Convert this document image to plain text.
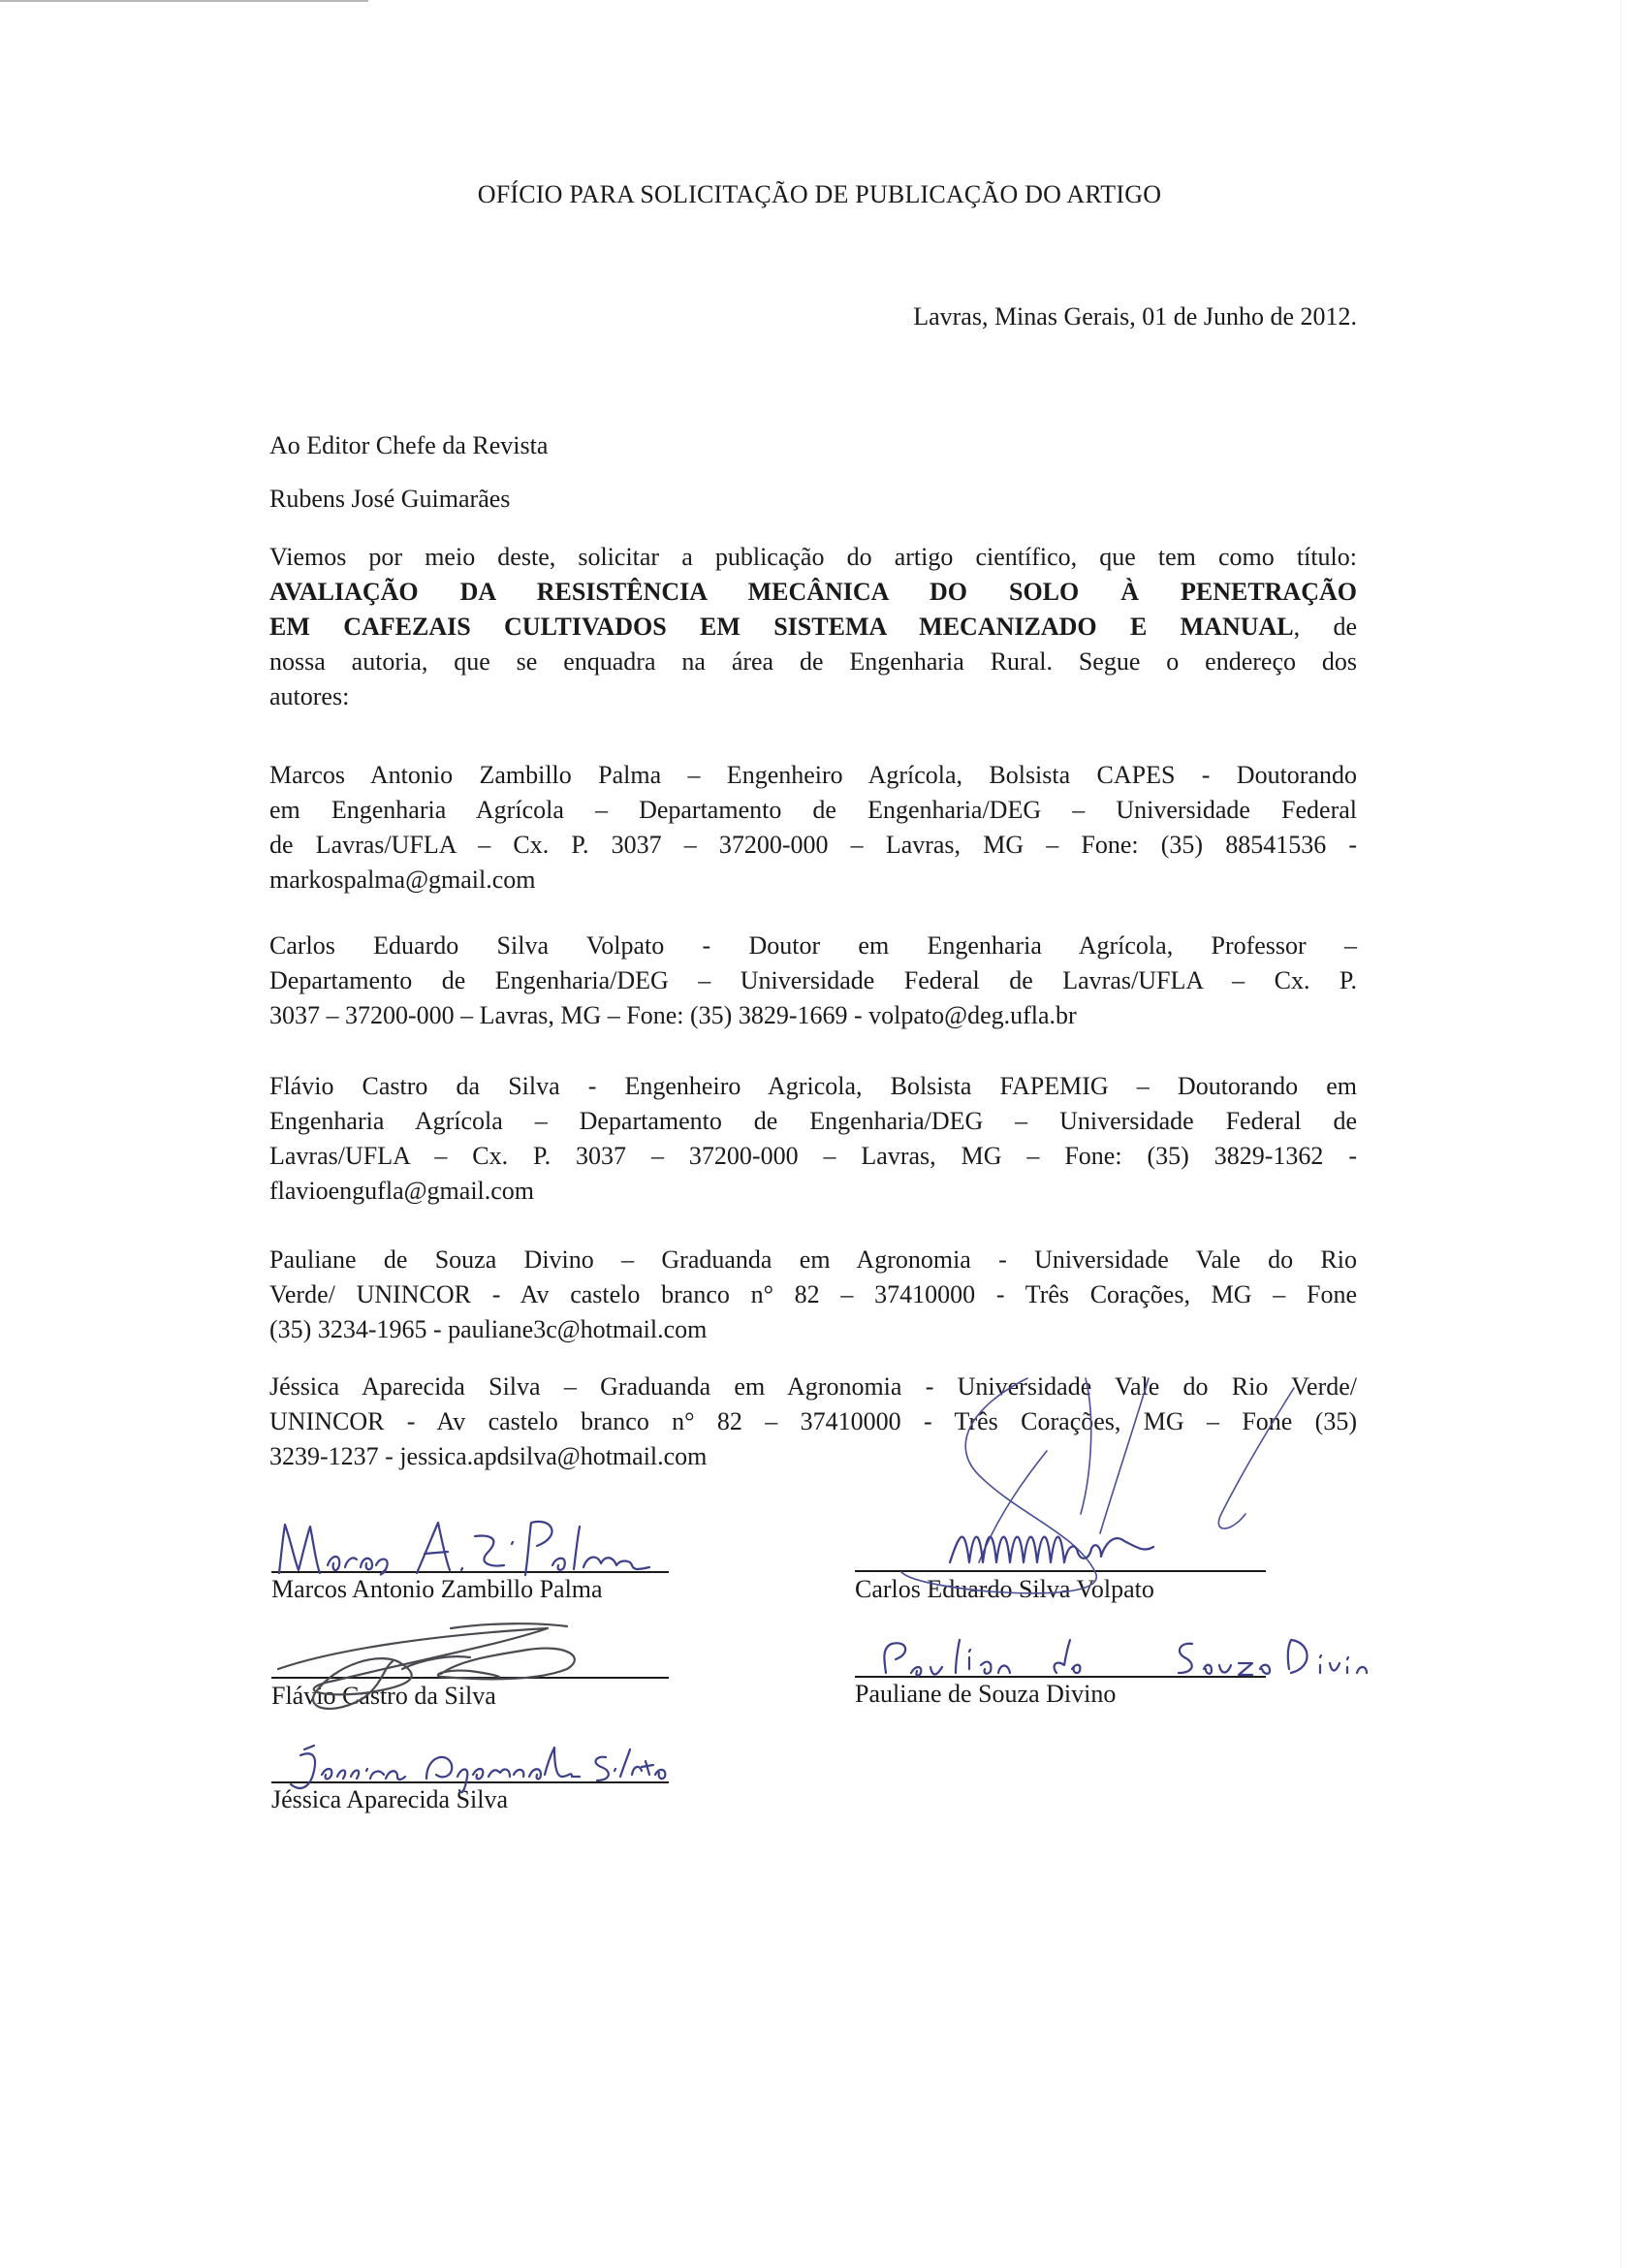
OFÍCIO PARA SOLICITAÇÃO DE PUBLICAÇÃO DO ARTIGO
Lavras, Minas Gerais, 01 de Junho de 2012.
Ao Editor Chefe da Revista
Rubens José Guimarães
Viemos por meio deste, solicitar a publicação do artigo científico, que tem como título:
AVALIAÇÃO DA RESISTÊNCIA MECÂNICA DO SOLO À PENETRAÇÃO
EM CAFEZAIS CULTIVADOS EM SISTEMA MECANIZADO E MANUAL, de
nossa autoria, que se enquadra na área de Engenharia Rural. Segue o endereço dos
autores:
Marcos Antonio Zambillo Palma – Engenheiro Agrícola, Bolsista CAPES - Doutorando
em Engenharia Agrícola – Departamento de Engenharia/DEG – Universidade Federal
de Lavras/UFLA – Cx. P. 3037 – 37200-000 – Lavras, MG – Fone: (35) 88541536 -
markospalma@gmail.com
Carlos Eduardo Silva Volpato - Doutor em Engenharia Agrícola, Professor –
Departamento de Engenharia/DEG – Universidade Federal de Lavras/UFLA – Cx. P.
3037 – 37200-000 – Lavras, MG – Fone: (35) 3829-1669 - volpato@deg.ufla.br
Flávio Castro da Silva - Engenheiro Agricola, Bolsista FAPEMIG – Doutorando em
Engenharia Agrícola – Departamento de Engenharia/DEG – Universidade Federal de
Lavras/UFLA – Cx. P. 3037 – 37200-000 – Lavras, MG – Fone: (35) 3829-1362 -
flavioengufla@gmail.com
Pauliane de Souza Divino – Graduanda em Agronomia - Universidade Vale do Rio
Verde/ UNINCOR - Av castelo branco n° 82 – 37410000 - Três Corações, MG – Fone
(35) 3234-1965 - pauliane3c@hotmail.com
Jéssica Aparecida Silva – Graduanda em Agronomia - Universidade Vale do Rio Verde/
UNINCOR - Av castelo branco n° 82 – 37410000 - Três Corações, MG – Fone (35)
3239-1237 - jessica.apdsilva@hotmail.com
Marcos Antonio Zambillo Palma
Flávio Castro da Silva
Jéssica Aparecida Silva
Carlos Eduardo Silva Volpato
Pauliane de Souza Divino
